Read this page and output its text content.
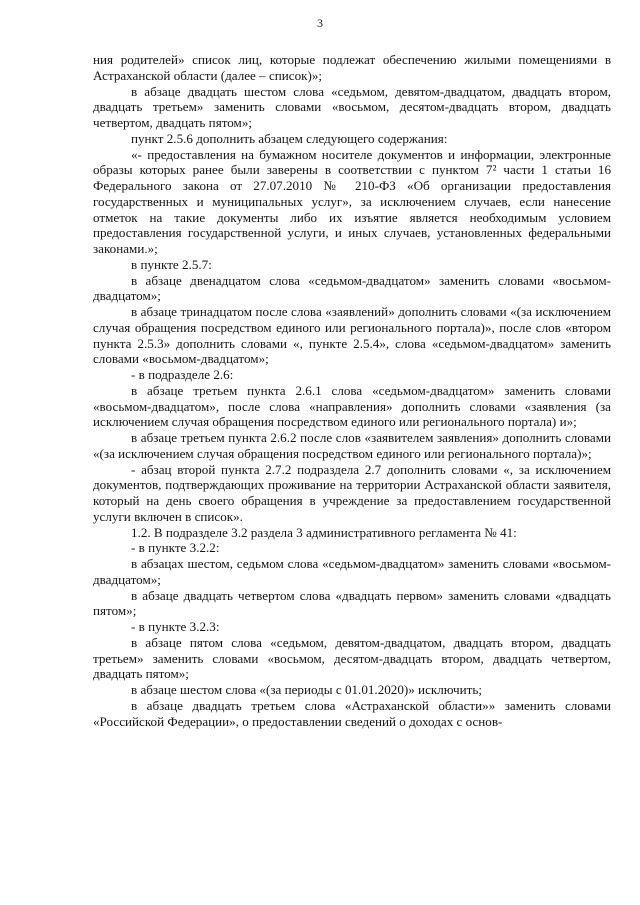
3

ния родителей» список лиц, которые подлежат обеспечению жилыми помещениями в Астраханской области (далее – список)»;

в абзаце двадцать шестом слова «седьмом, девятом-двадцатом, двадцать втором, двадцать третьем» заменить словами «восьмом, десятом-двадцать втором, двадцать четвертом, двадцать пятом»;

пункт 2.5.6 дополнить абзацем следующего содержания:

«- предоставления на бумажном носителе документов и информации, электронные образы которых ранее были заверены в соответствии с пунктом 7² части 1 статьи 16 Федерального закона от 27.07.2010 № 210-ФЗ «Об организации предоставления государственных и муниципальных услуг», за исключением случаев, если нанесение отметок на такие документы либо их изъятие является необходимым условием предоставления государственной услуги, и иных случаев, установленных федеральными законами.»;

в пункте 2.5.7:

в абзаце двенадцатом слова «седьмом-двадцатом» заменить словами «восьмом-двадцатом»;

в абзаце тринадцатом после слова «заявлений» дополнить словами «(за исключением случая обращения посредством единого или регионального портала)», после слов «втором пункта 2.5.3» дополнить словами «, пункте 2.5.4», слова «седьмом-двадцатом» заменить словами «восьмом-двадцатом»;

- в подразделе 2.6:

в абзаце третьем пункта 2.6.1 слова «седьмом-двадцатом» заменить словами «восьмом-двадцатом», после слова «направления» дополнить словами «заявления (за исключением случая обращения посредством единого или регионального портала) и»;

в абзаце третьем пункта 2.6.2 после слов «заявителем заявления» дополнить словами «(за исключением случая обращения посредством единого или регионального портала)»;

- абзац второй пункта 2.7.2 подраздела 2.7 дополнить словами «, за исключением документов, подтверждающих проживание на территории Астраханской области заявителя, который на день своего обращения в учреждение за предоставлением государственной услуги включен в список».

1.2. В подразделе 3.2 раздела 3 административного регламента № 41:

- в пункте 3.2.2:

в абзацах шестом, седьмом слова «седьмом-двадцатом» заменить словами «восьмом-двадцатом»;

в абзаце двадцать четвертом слова «двадцать первом» заменить словами «двадцать пятом»;

- в пункте 3.2.3:

в абзаце пятом слова «седьмом, девятом-двадцатом, двадцать втором, двадцать третьем» заменить словами «восьмом, десятом-двадцать втором, двадцать четвертом, двадцать пятом»;

в абзаце шестом слова «(за периоды с 01.01.2020)» исключить;

в абзаце двадцать третьем слова «Астраханской области»» заменить словами «Российской Федерации», о предоставлении сведений о доходах с основ-
